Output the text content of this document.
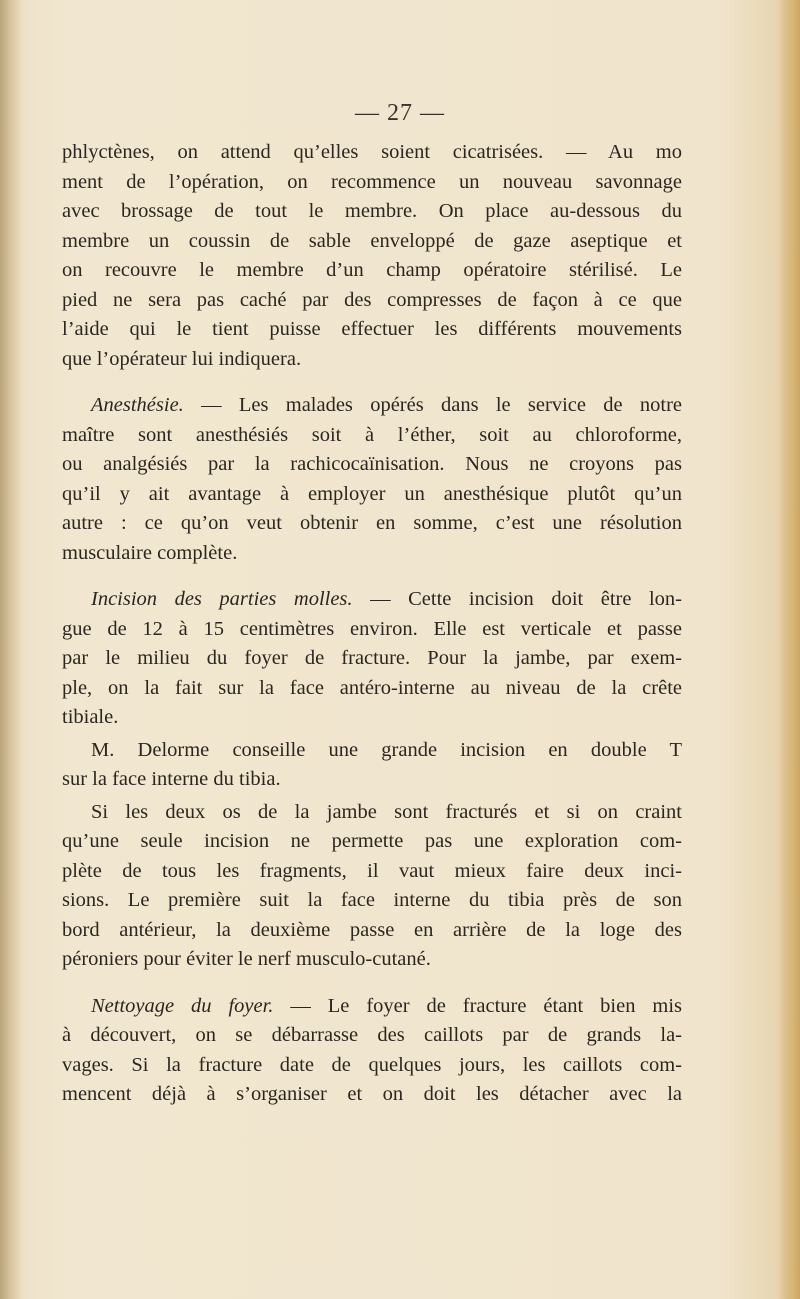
— 27 —
phlyctènes, on attend qu’elles soient cicatrisées. — Au mo
ment de l’opération, on recommence un nouveau savonnage
avec brossage de tout le membre. On place au-dessous du
membre un coussin de sable enveloppé de gaze aseptique et
on recouvre le membre d’un champ opératoire stérilisé. Le
pied ne sera pas caché par des compresses de façon à ce que
l’aide qui le tient puisse effectuer les différents mouvements
que l’opérateur lui indiquera.
Anesthésie. — Les malades opérés dans le service de notre
maître sont anesthésiés soit à l’éther, soit au chloroforme,
ou analgésiés par la rachicocaïnisation. Nous ne croyons pas
qu’il y ait avantage à employer un anesthésique plutôt qu’un
autre : ce qu’on veut obtenir en somme, c’est une résolution
musculaire complète.
Incision des parties molles. — Cette incision doit être lon-
gue de 12 à 15 centimètres environ. Elle est verticale et passe
par le milieu du foyer de fracture. Pour la jambe, par exem-
ple, on la fait sur la face antéro-interne au niveau de la crête
tibiale.
M. Delorme conseille une grande incision en double T
sur la face interne du tibia.
Si les deux os de la jambe sont fracturés et si on craint
qu’une seule incision ne permette pas une exploration com-
plète de tous les fragments, il vaut mieux faire deux inci-
sions. Le première suit la face interne du tibia près de son
bord antérieur, la deuxième passe en arrière de la loge des
péroniers pour éviter le nerf musculo-cutané.
Nettoyage du foyer. — Le foyer de fracture étant bien mis
à découvert, on se débarrasse des caillots par de grands la-
vages. Si la fracture date de quelques jours, les caillots com-
mencent déjà à s’organiser et on doit les détacher avec la
